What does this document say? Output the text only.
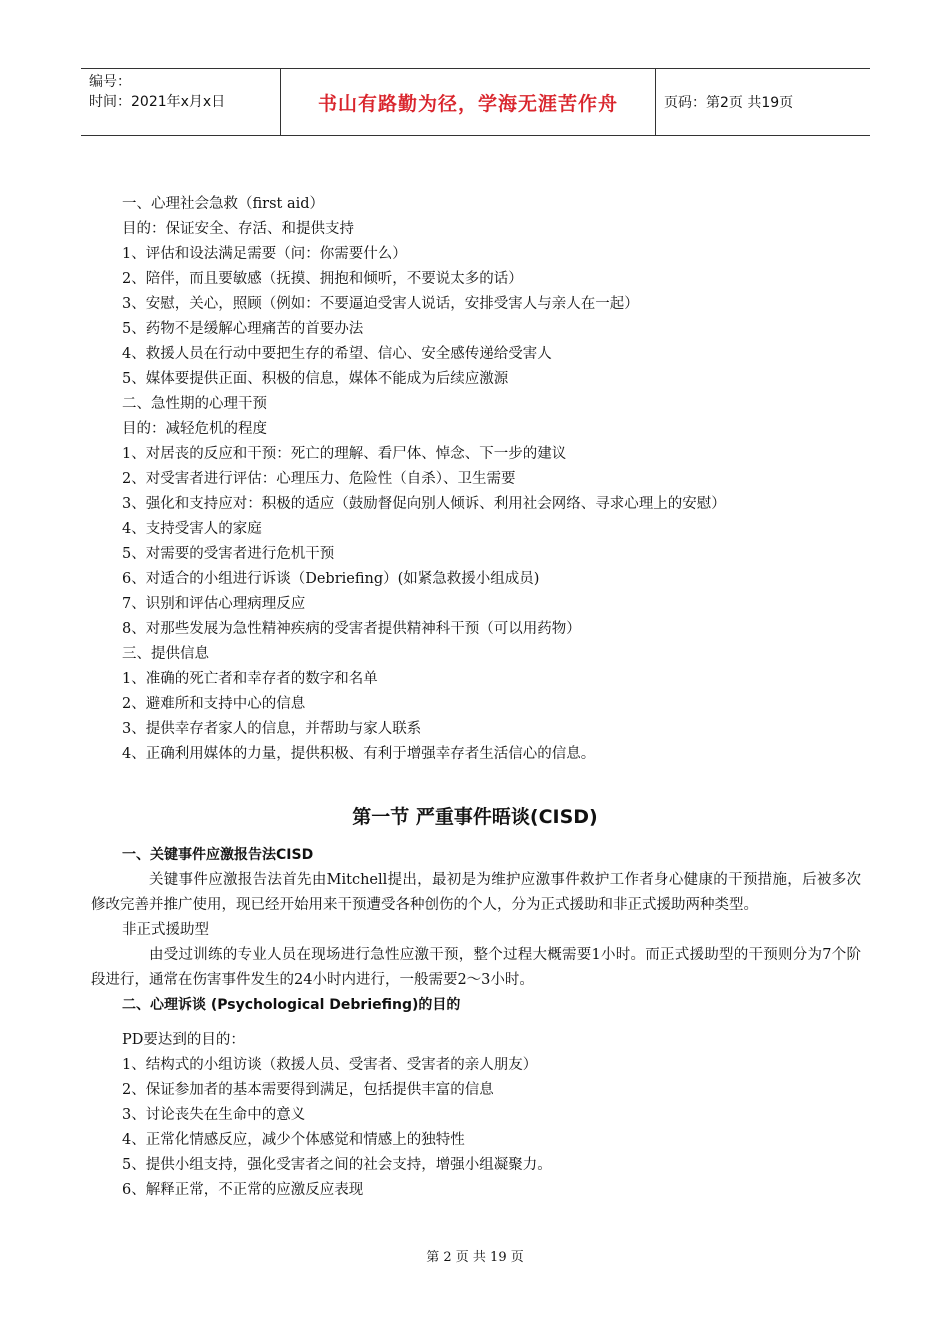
编号：
时间：2021年x月x日	书山有路勤为径，学海无涯苦作舟	页码：第2页 共19页
一、心理社会急救（first aid）
目的：保证安全、存活、和提供支持
1、评估和设法满足需要（问：你需要什么）
2、陪伴，而且要敏感（抚摸、拥抱和倾听，不要说太多的话）
3、安慰，关心，照顾（例如：不要逼迫受害人说话，安排受害人与亲人在一起）
5、药物不是缓解心理痛苦的首要办法
4、救援人员在行动中要把生存的希望、信心、安全感传递给受害人
5、媒体要提供正面、积极的信息，媒体不能成为后续应激源
二、急性期的心理干预
目的：减轻危机的程度
1、对居丧的反应和干预：死亡的理解、看尸体、悼念、下一步的建议
2、对受害者进行评估：心理压力、危险性（自杀）、卫生需要
3、强化和支持应对：积极的适应（鼓励督促向别人倾诉、利用社会网络、寻求心理上的安慰）
4、支持受害人的家庭
5、对需要的受害者进行危机干预
6、对适合的小组进行诉谈（Debriefing）(如紧急救援小组成员)
7、识别和评估心理病理反应
8、对那些发展为急性精神疾病的受害者提供精神科干预（可以用药物）
三、提供信息
1、准确的死亡者和幸存者的数字和名单
2、避难所和支持中心的信息
3、提供幸存者家人的信息，并帮助与家人联系
4、正确利用媒体的力量，提供积极、有利于增强幸存者生活信心的信息。
第一节 严重事件晤谈(CISD)
一、关键事件应激报告法CISD
关键事件应激报告法首先由Mitchell提出，最初是为维护应激事件救护工作者身心健康的干预措施，后被多次修改完善并推广使用，现已经开始用来干预遭受各种创伤的个人，分为正式援助和非正式援助两种类型。
非正式援助型
由受过训练的专业人员在现场进行急性应激干预，整个过程大概需要1小时。而正式援助型的干预则分为7个阶段进行，通常在伤害事件发生的24小时内进行，一般需要2～3小时。
二、心理诉谈 (Psychological Debriefing)的目的
PD要达到的目的：
1、结构式的小组访谈（救援人员、受害者、受害者的亲人朋友）
2、保证参加者的基本需要得到满足，包括提供丰富的信息
3、讨论丧失在生命中的意义
4、正常化情感反应，减少个体感觉和情感上的独特性
5、提供小组支持，强化受害者之间的社会支持，增强小组凝聚力。
6、解释正常，不正常的应激反应表现
第 2 页 共 19 页
